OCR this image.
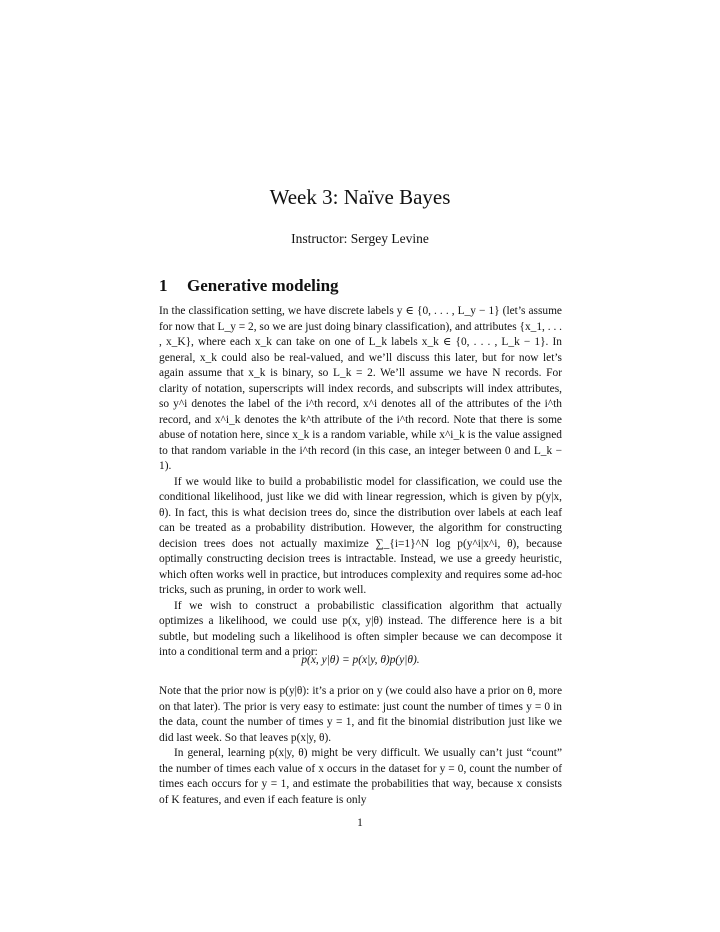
Week 3: Naïve Bayes
Instructor: Sergey Levine
1 Generative modeling

In the classification setting, we have discrete labels y ∈ {0, . . . , L_y − 1} (let’s assume for now that L_y = 2, so we are just doing binary classification), and attributes {x_1, . . . , x_K}, where each x_k can take on one of L_k labels x_k ∈ {0, . . . , L_k − 1}. In general, x_k could also be real-valued, and we’ll discuss this later, but for now let’s again assume that x_k is binary, so L_k = 2. We’ll assume we have N records. For clarity of notation, superscripts will index records, and subscripts will index attributes, so y^i denotes the label of the i^th record, x^i denotes all of the attributes of the i^th record, and x^i_k denotes the k^th attribute of the i^th record. Note that there is some abuse of notation here, since x_k is a random variable, while x^i_k is the value assigned to that random variable in the i^th record (in this case, an integer between 0 and L_k − 1).

If we would like to build a probabilistic model for classification, we could use the conditional likelihood, just like we did with linear regression, which is given by p(y|x, θ). In fact, this is what decision trees do, since the distribution over labels at each leaf can be treated as a probability distribution. However, the algorithm for constructing decision trees does not actually maximize ∑_{i=1}^N log p(y^i|x^i, θ), because optimally constructing decision trees is intractable. Instead, we use a greedy heuristic, which often works well in practice, but introduces complexity and requires some ad-hoc tricks, such as pruning, in order to work well.

If we wish to construct a probabilistic classification algorithm that actually optimizes a likelihood, we could use p(x, y|θ) instead. The difference here is a bit subtle, but modeling such a likelihood is often simpler because we can decompose it into a conditional term and a prior:

p(x, y|θ) = p(x|y, θ)p(y|θ).

Note that the prior now is p(y|θ): it’s a prior on y (we could also have a prior on θ, more on that later). The prior is very easy to estimate: just count the number of times y = 0 in the data, count the number of times y = 1, and fit the binomial distribution just like we did last week. So that leaves p(x|y, θ).

In general, learning p(x|y, θ) might be very difficult. We usually can’t just “count” the number of times each value of x occurs in the dataset for y = 0, count the number of times each occurs for y = 1, and estimate the probabilities that way, because x consists of K features, and even if each feature is only

1
